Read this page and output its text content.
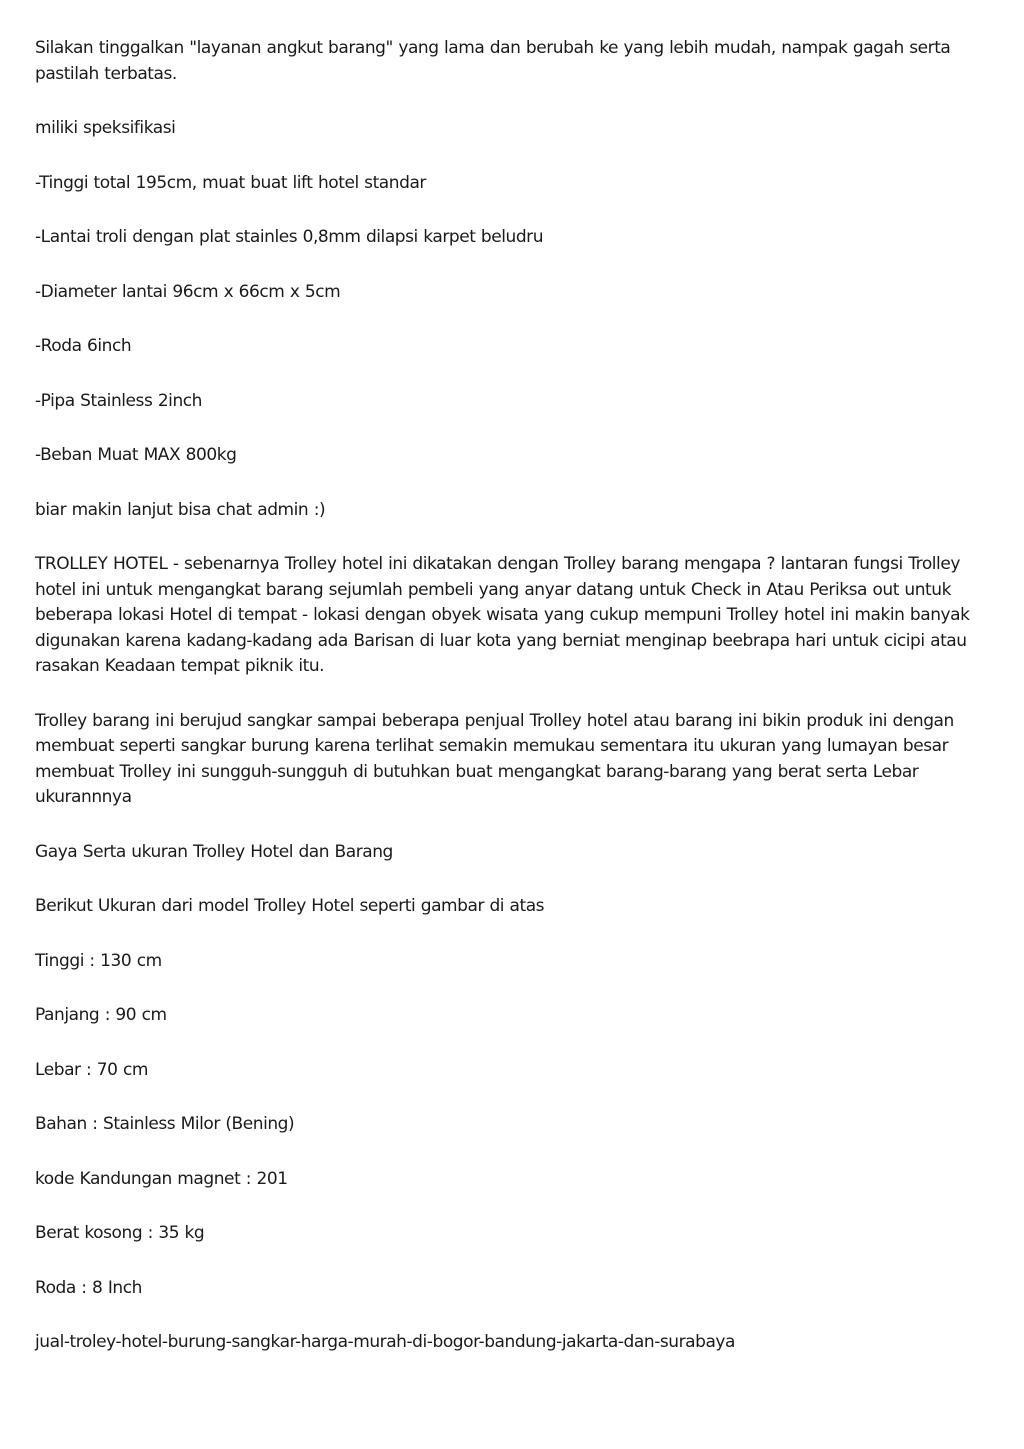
Silakan tinggalkan "layanan angkut barang" yang lama dan berubah ke yang lebih mudah, nampak gagah serta pastilah terbatas.

miliki speksifikasi

-Tinggi total 195cm, muat buat lift hotel standar

-Lantai troli dengan plat stainles 0,8mm dilapsi karpet beludru

-Diameter lantai 96cm x 66cm x 5cm

-Roda 6inch

-Pipa Stainless 2inch

-Beban Muat MAX 800kg

biar makin lanjut bisa chat admin :)

TROLLEY HOTEL - sebenarnya Trolley hotel ini dikatakan dengan Trolley barang mengapa ? lantaran fungsi Trolley hotel ini untuk mengangkat barang sejumlah pembeli yang anyar datang untuk Check in Atau Periksa out untuk beberapa lokasi Hotel di tempat - lokasi dengan obyek wisata yang cukup mempuni Trolley hotel ini makin banyak digunakan karena kadang-kadang ada Barisan di luar kota yang berniat menginap beebrapa hari untuk cicipi atau rasakan Keadaan tempat piknik itu.

Trolley barang ini berujud sangkar sampai beberapa penjual Trolley hotel atau barang ini bikin produk ini dengan membuat seperti sangkar burung karena terlihat semakin memukau sementara itu ukuran yang lumayan besar membuat Trolley ini sungguh-sungguh di butuhkan buat mengangkat barang-barang yang berat serta Lebar ukurannnya

Gaya Serta ukuran Trolley Hotel dan Barang

Berikut Ukuran dari model Trolley Hotel seperti gambar di atas

Tinggi : 130 cm

Panjang : 90 cm

Lebar : 70 cm

Bahan : Stainless Milor (Bening)

kode Kandungan magnet : 201

Berat kosong : 35 kg

Roda : 8 Inch

jual-troley-hotel-burung-sangkar-harga-murah-di-bogor-bandung-jakarta-dan-surabaya
